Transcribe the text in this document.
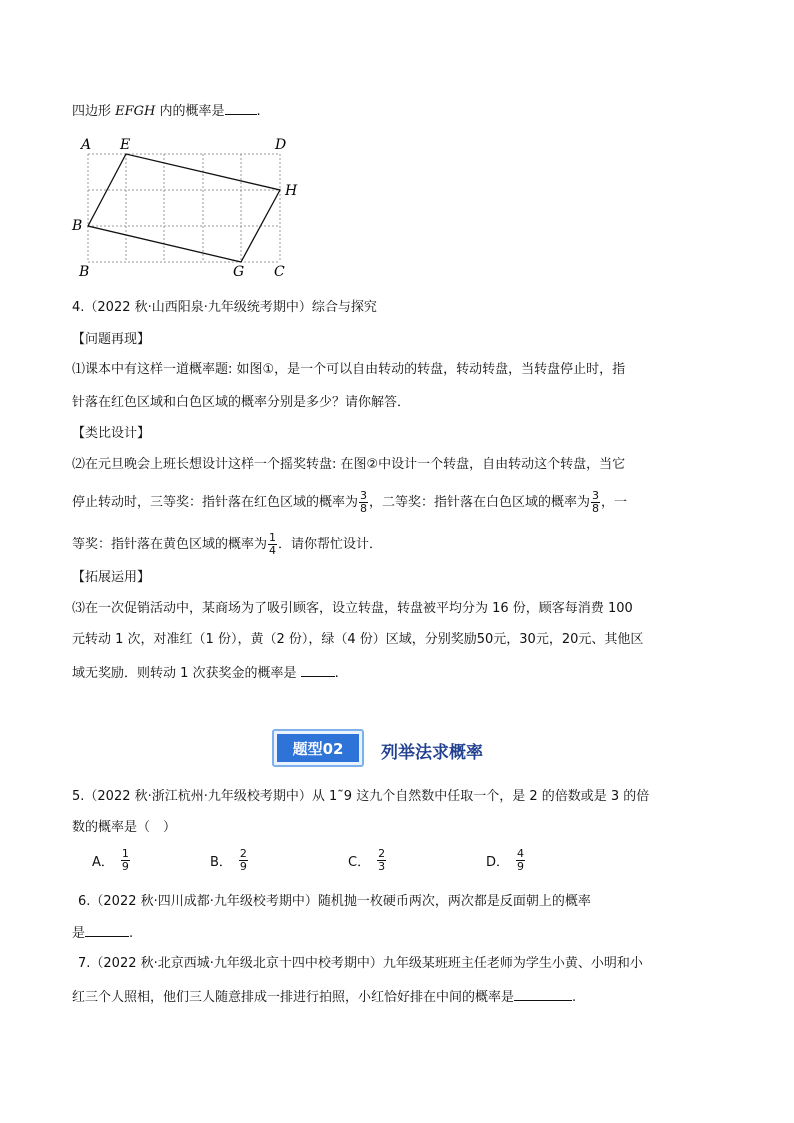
四边形 EFGH 内的概率是 .
A E	D
H
B
B	G C
4.（2022 秋·山西阳泉·九年级统考期中）综合与探究
【问题再现】
⑴课本中有这样一道概率题: 如图①，是一个可以自由转动的转盘，转动转盘，当转盘停止时，指
针落在红色区域和白色区域的概率分别是多少？请你解答．
【类比设计】
⑵在元旦晚会上班长想设计这样一个摇奖转盘: 在图②中设计一个转盘，自由转动这个转盘，当它
停止转动时，三等奖：指针落在红色区域的概率为 $\frac{3}{8}$ ，二等奖：指针落在白色区域的概率为 $\frac{3}{8}$ ，一
等奖：指针落在黄色区域的概率为 $\frac{1}{4}$ ．请你帮忙设计．
【拓展运用】
⑶在一次促销活动中，某商场为了吸引顾客，设立转盘，转盘被平均分为 16 份，顾客每消费 100
元转动 1 次，对准红（1 份），黄（2 份），绿（4 份）区域，分别奖励50元，30元，20元、其他区
域无奖励．则转动 1 次获奖金的概率是	.
题型02	列举法求概率
5.（2022 秋·浙江杭州·九年级校考期中）从 1˜9 这九个自然数中任取一个，是 2 的倍数或是 3 的倍
数的概率是（　）
A． $\frac{1}{9}$	B． $\frac{2}{9}$	C． $\frac{2}{3}$	D． $\frac{4}{9}$
6.（2022 秋·四川成都·九年级校考期中）随机抛一枚硬币两次，两次都是反面朝上的概率
是	.
7.（2022 秋·北京西城·九年级北京十四中校考期中）九年级某班班主任老师为学生小黄、小明和小
红三个人照相，他们三人随意排成一排进行拍照，小红恰好排在中间的概率是	.
